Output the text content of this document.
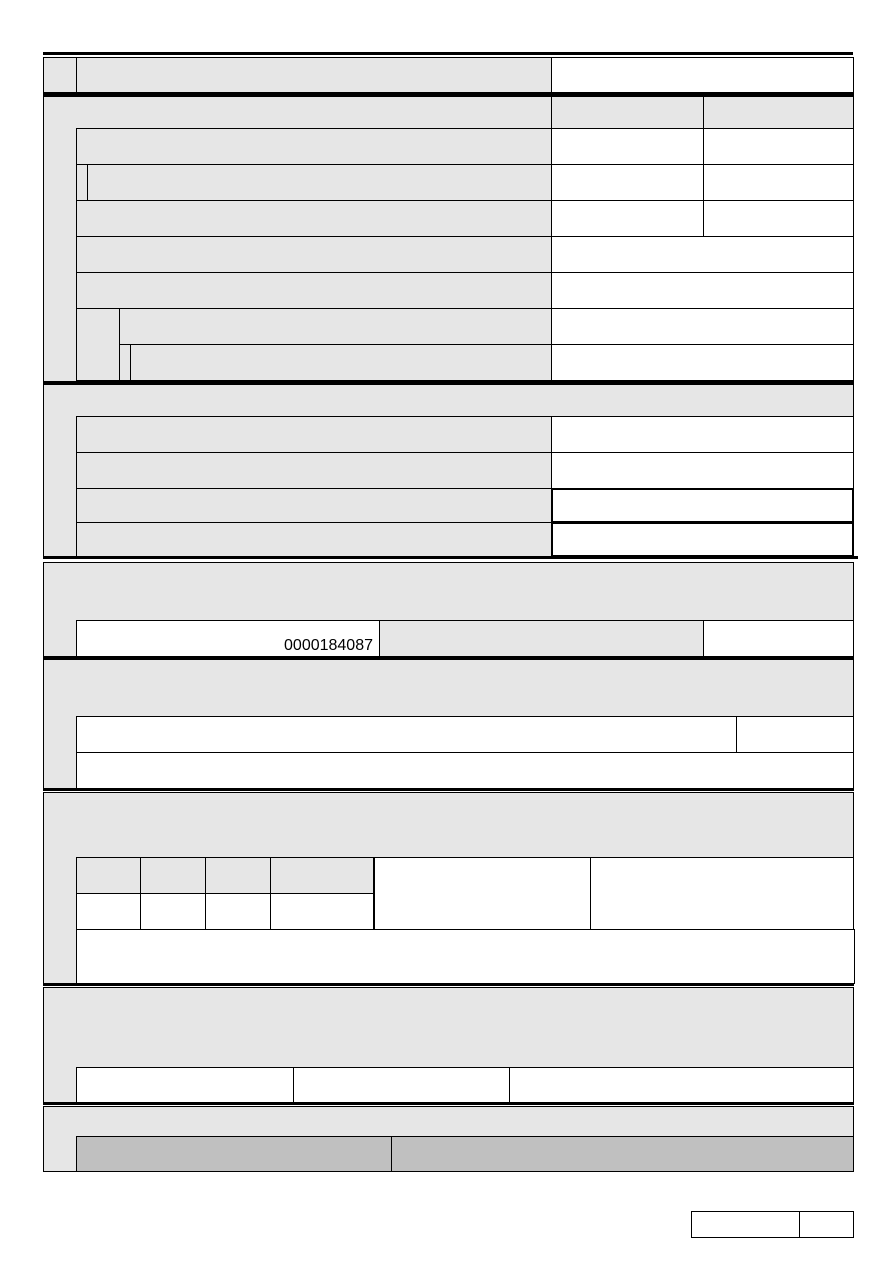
0000184087
